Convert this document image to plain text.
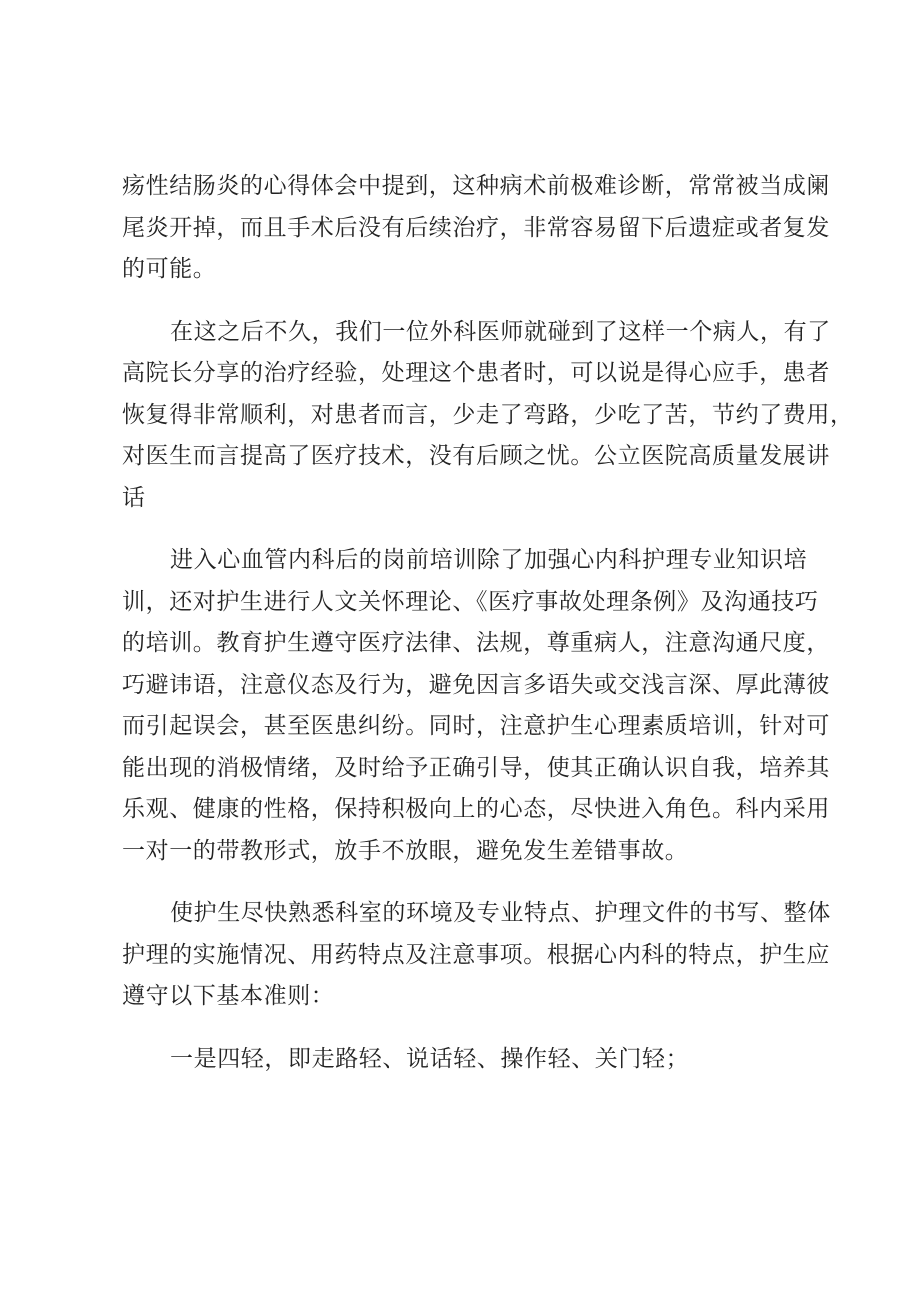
疡性结肠炎的心得体会中提到，这种病术前极难诊断，常常被当成阑
尾炎开掉，而且手术后没有后续治疗，非常容易留下后遗症或者复发
的可能。

在这之后不久，我们一位外科医师就碰到了这样一个病人，有了
高院长分享的治疗经验，处理这个患者时，可以说是得心应手，患者
恢复得非常顺利，对患者而言，少走了弯路，少吃了苦，节约了费用，
对医生而言提高了医疗技术，没有后顾之忧。公立医院高质量发展讲
话

进入心血管内科后的岗前培训除了加强心内科护理专业知识培
训，还对护生进行人文关怀理论、《医疗事故处理条例》及沟通技巧
的培训。教育护生遵守医疗法律、法规，尊重病人，注意沟通尺度，
巧避讳语，注意仪态及行为，避免因言多语失或交浅言深、厚此薄彼
而引起误会，甚至医患纠纷。同时，注意护生心理素质培训，针对可
能出现的消极情绪，及时给予正确引导，使其正确认识自我，培养其
乐观、健康的性格，保持积极向上的心态，尽快进入角色。科内采用
一对一的带教形式，放手不放眼，避免发生差错事故。

使护生尽快熟悉科室的环境及专业特点、护理文件的书写、整体
护理的实施情况、用药特点及注意事项。根据心内科的特点，护生应
遵守以下基本准则：

一是四轻，即走路轻、说话轻、操作轻、关门轻；
